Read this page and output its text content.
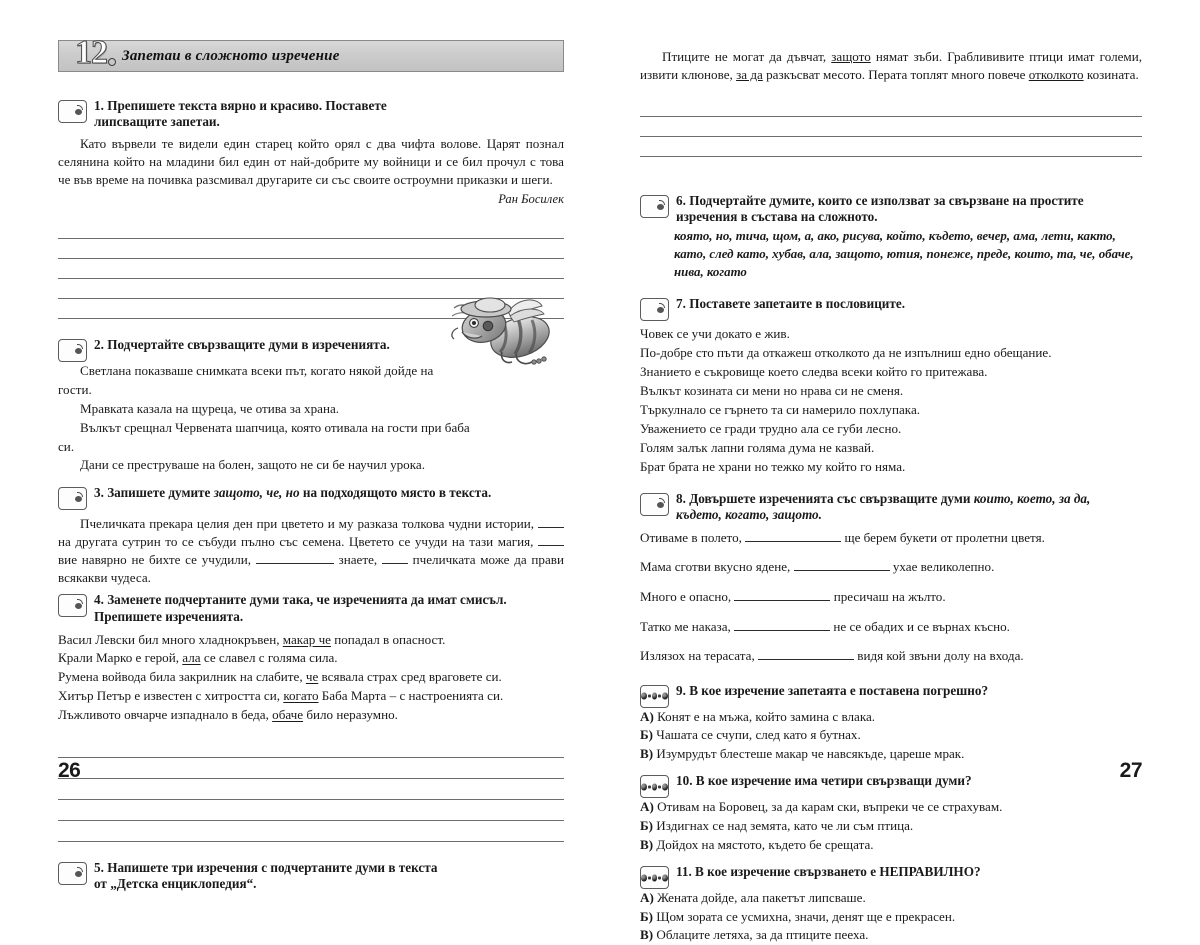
12 Запетаи в сложното изречение
1. Препишете текста вярно и красиво. Поставете
липсващите запетаи.

Като вървели те видели един старец който орял с два чифта волове. Царят познал селянина който на младини бил един от най-добрите му войници и се бил прочул с това че във време на почивка разсмивал другарите си със своите остроумни приказки и шеги.

Ран Босилек

2. Подчертайте свързващите думи в изреченията.

Светлана показваше снимката всеки път, когато някой дойде на гости.

Мравката казала на щуреца, че отива за храна.

Вълкът срещнал Червената шапчица, която отивала на гости при баба си.

Дани се преструваше на болен, защото не си бе научил урока.

3. Запишете думите защото, че, но на подходящото място в текста.

Пчеличката прекара целия ден при цветето и му разказа толкова чудни истории,  на другата сутрин то се събуди пълно със семена. Цветето се учуди на тази магия,  вие навярно не бихте се учудили,	знаете,  пчеличката може да прави всякакви чудеса.

4. Заменете подчертаните думи така, че изреченията да имат смисъл.
Препишете изреченията.

Васил Левски бил много хладнокръвен, макар че попадал в опасност.

Крали Марко е герой, ала се славел с голяма сила.

Румена войвода била закрилник на слабите, че всявала страх сред враговете си.

Хитър Петър е известен с хитростта си, когато Баба Марта – с настроенията си.

Лъжливото овчарче изпаднало в беда, обаче било неразумно.

5. Напишете три изречения с подчертаните думи в текста
от „Детска енциклопедия“.
26

Птиците не могат да дъвчат, защото нямат зъби. Граблививите птици имат големи, извити клюнове, за да разкъсват месото. Перата топлят много повече отколкото козината.

6. Подчертайте думите, които се използват за свързване на простите
изречения в състава на сложното.

която, но, тича, щом, а, ако, рисува, който, където, вечер, ама, лети, както, като, след като, хубав, ала, защото, ютия, понеже, преде, които, та, че, обаче, нива, когато

7. Поставете запетаите в пословиците.

Човек се учи докато е жив.

По-добре сто пъти да откажеш отколкото да не изпълниш едно обещание.

Знанието е съкровище което следва всеки който го притежава.

Вълкът козината си мени но нрава си не сменя.

Търкулнало се гърнето та си намерило похлупака.

Уважението се гради трудно ала се губи лесно.

Голям залък лапни голяма дума не казвай.

Брат брата не храни но тежко му който го няма.

8. Довършете изреченията със свързващите думи които, което, за да,
където, когато, защото.

Отиваме в полето,	ще берем букети от пролетни цветя.

Мама сготви вкусно ядене,	ухае великолепно.

Много е опасно,	пресичаш на жълто.

Татко ме наказа,	не се обадих и се върнах късно.

Излязох на терасата,	видя кой звъни долу на входа.

9. В кое изречение запетаята е поставена погрешно?

А) Конят е на мъжа, който замина с влака.

Б) Чашата се счупи, след като я бутнах.

В) Изумрудът блестеше макар че навсякъде, цареше мрак.

10. В кое изречение има четири свързващи думи?

А) Отивам на Боровец, за да карам ски, въпреки че се страхувам.

Б) Издигнах се над земята, като че ли съм птица.

В) Дойдох на мястото, където бе срещата.

11. В кое изречение свързването е НЕПРАВИЛНО?

А) Жената дойде, ала пакетът липсваше.

Б) Щом зората се усмихна, значи, денят ще е прекрасен.

В) Облаците летяха, за да птиците пееха.

27
